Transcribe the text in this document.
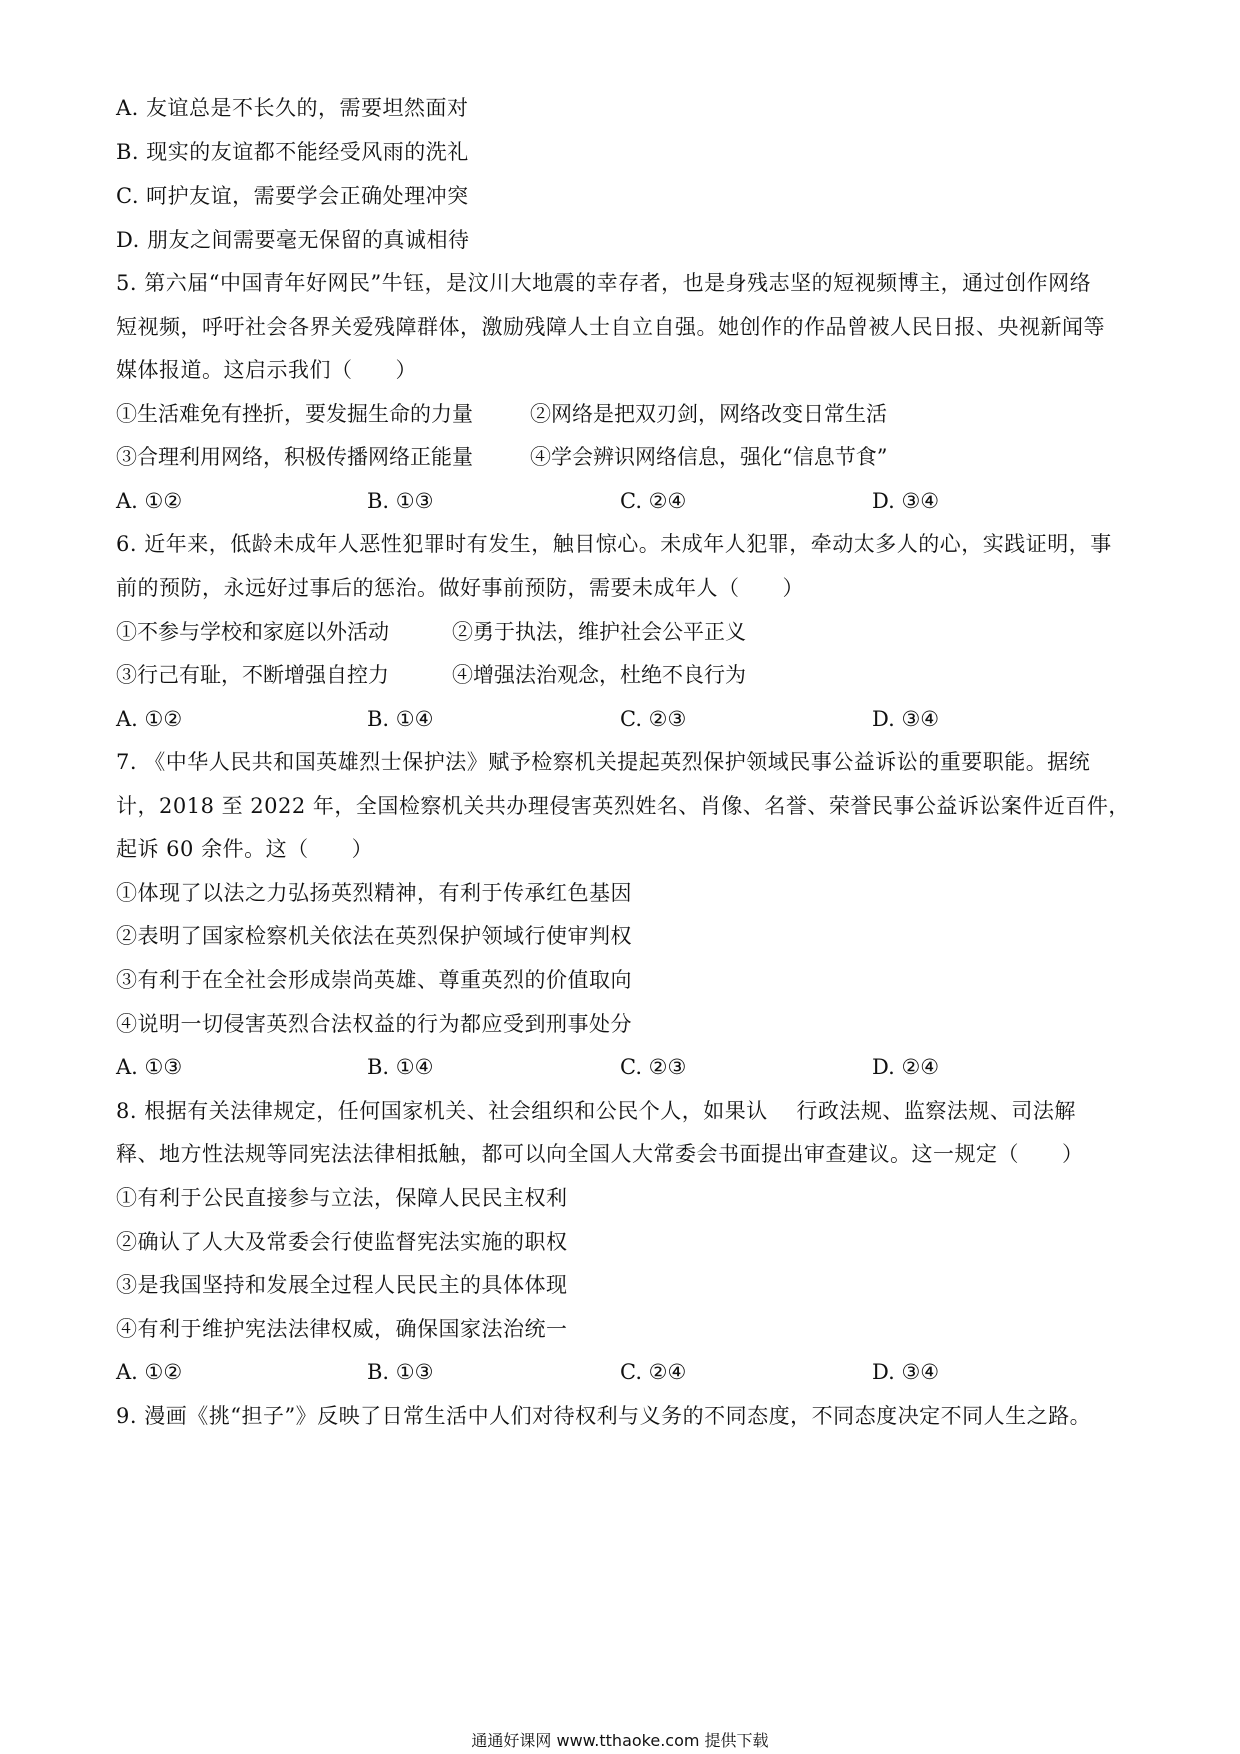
A. 友谊总是不长久的，需要坦然面对
B. 现实的友谊都不能经受风雨的洗礼
C. 呵护友谊，需要学会正确处理冲突
D. 朋友之间需要毫无保留的真诚相待
5. 第六届“中国青年好网民”牛钰，是汶川大地震的幸存者，也是身残志坚的短视频博主，通过创作网络
短视频，呼吁社会各界关爱残障群体，激励残障人士自立自强。她创作的作品曾被人民日报、央视新闻等
媒体报道。这启示我们（　　）
①生活难免有挫折，要发掘生命的力量	②网络是把双刃剑，网络改变日常生活
③合理利用网络，积极传播网络正能量	④学会辨识网络信息，强化“信息节食”
A. ①②	B. ①③	C. ②④	D. ③④
6. 近年来，低龄未成年人恶性犯罪时有发生，触目惊心。未成年人犯罪，牵动太多人的心，实践证明，事
前的预防，永远好过事后的惩治。做好事前预防，需要未成年人（　　）
①不参与学校和家庭以外活动	②勇于执法，维护社会公平正义
③行己有耻，不断增强自控力	④增强法治观念，杜绝不良行为
A. ①②	B. ①④	C. ②③	D. ③④
7. 《中华人民共和国英雄烈士保护法》赋予检察机关提起英烈保护领域民事公益诉讼的重要职能。据统
计，2018 至 2022 年，全国检察机关共办理侵害英烈姓名、肖像、名誉、荣誉民事公益诉讼案件近百件，
起诉 60 余件。这（　　）
①体现了以法之力弘扬英烈精神，有利于传承红色基因
②表明了国家检察机关依法在英烈保护领域行使审判权
③有利于在全社会形成崇尚英雄、尊重英烈的价值取向
④说明一切侵害英烈合法权益的行为都应受到刑事处分
A. ①③	B. ①④	C. ②③	D. ②④
8. 根据有关法律规定，任何国家机关、社会组织和公民个人，如果认　 行政法规、监察法规、司法解
释、地方性法规等同宪法法律相抵触，都可以向全国人大常委会书面提出审查建议。这一规定（　　）
①有利于公民直接参与立法，保障人民民主权利
②确认了人大及常委会行使监督宪法实施的职权
③是我国坚持和发展全过程人民民主的具体体现
④有利于维护宪法法律权威，确保国家法治统一
A. ①②	B. ①③	C. ②④	D. ③④
9. 漫画《挑“担子”》反映了日常生活中人们对待权利与义务的不同态度，不同态度决定不同人生之路。
通通好课网 www.tthaoke.com 提供下载
